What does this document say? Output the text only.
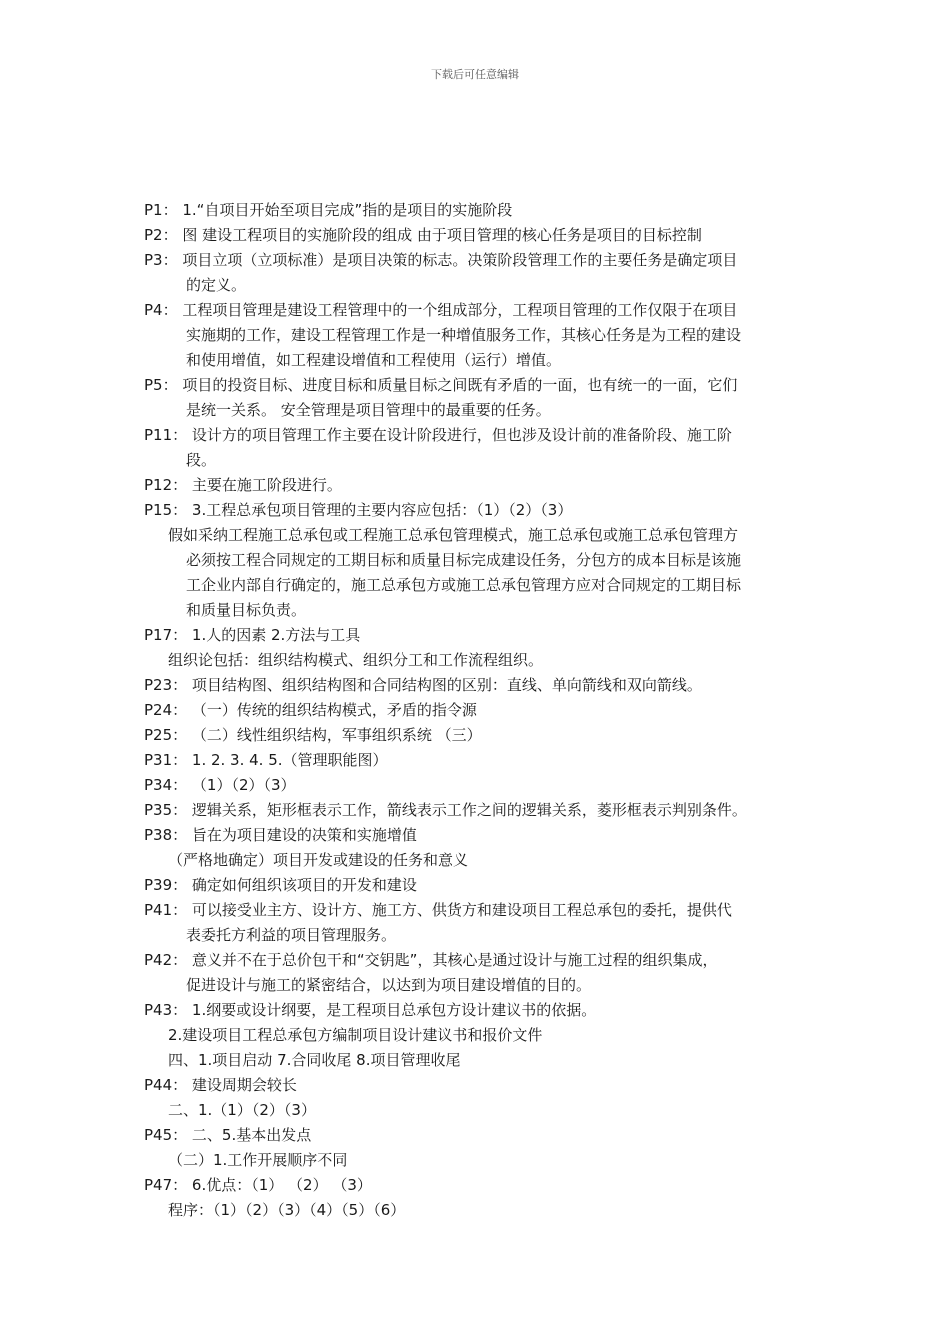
下载后可任意编辑
P1： 1.“自项目开始至项目完成”指的是项目的实施阶段
P2： 图 建设工程项目的实施阶段的组成 由于项目管理的核心任务是项目的目标控制
P3： 项目立项（立项标准）是项目决策的标志。决策阶段管理工作的主要任务是确定项目
的定义。
P4： 工程项目管理是建设工程管理中的一个组成部分，工程项目管理的工作仅限于在项目
实施期的工作，建设工程管理工作是一种增值服务工作，其核心任务是为工程的建设
和使用增值，如工程建设增值和工程使用（运行）增值。
P5： 项目的投资目标、进度目标和质量目标之间既有矛盾的一面，也有统一的一面，它们
是统一关系。 安全管理是项目管理中的最重要的任务。
P11： 设计方的项目管理工作主要在设计阶段进行，但也涉及设计前的准备阶段、施工阶
段。
P12： 主要在施工阶段进行。
P15： 3.工程总承包项目管理的主要内容应包括：（1）（2）（3）
假如采纳工程施工总承包或工程施工总承包管理模式，施工总承包或施工总承包管理方
必须按工程合同规定的工期目标和质量目标完成建设任务，分包方的成本目标是该施
工企业内部自行确定的，施工总承包方或施工总承包管理方应对合同规定的工期目标
和质量目标负责。
P17： 1.人的因素 2.方法与工具
组织论包括：组织结构模式、组织分工和工作流程组织。
P23： 项目结构图、组织结构图和合同结构图的区别：直线、单向箭线和双向箭线。
P24： （一）传统的组织结构模式，矛盾的指令源
P25： （二）线性组织结构，军事组织系统 （三）
P31： 1. 2. 3. 4. 5.（管理职能图）
P34： （1）（2）（3）
P35： 逻辑关系，矩形框表示工作，箭线表示工作之间的逻辑关系，菱形框表示判别条件。
P38： 旨在为项目建设的决策和实施增值
（严格地确定）项目开发或建设的任务和意义
P39： 确定如何组织该项目的开发和建设
P41： 可以接受业主方、设计方、施工方、供货方和建设项目工程总承包的委托，提供代
表委托方利益的项目管理服务。
P42： 意义并不在于总价包干和“交钥匙”，其核心是通过设计与施工过程的组织集成，
促进设计与施工的紧密结合，以达到为项目建设增值的目的。
P43： 1.纲要或设计纲要，是工程项目总承包方设计建议书的依据。
2.建设项目工程总承包方编制项目设计建议书和报价文件
四、1.项目启动 7.合同收尾 8.项目管理收尾
P44： 建设周期会较长
二、1.（1）（2）（3）
P45： 二、5.基本出发点
（二）1.工作开展顺序不同
P47： 6.优点：（1） （2） （3）
程序：（1）（2）（3）（4）（5）（6）
